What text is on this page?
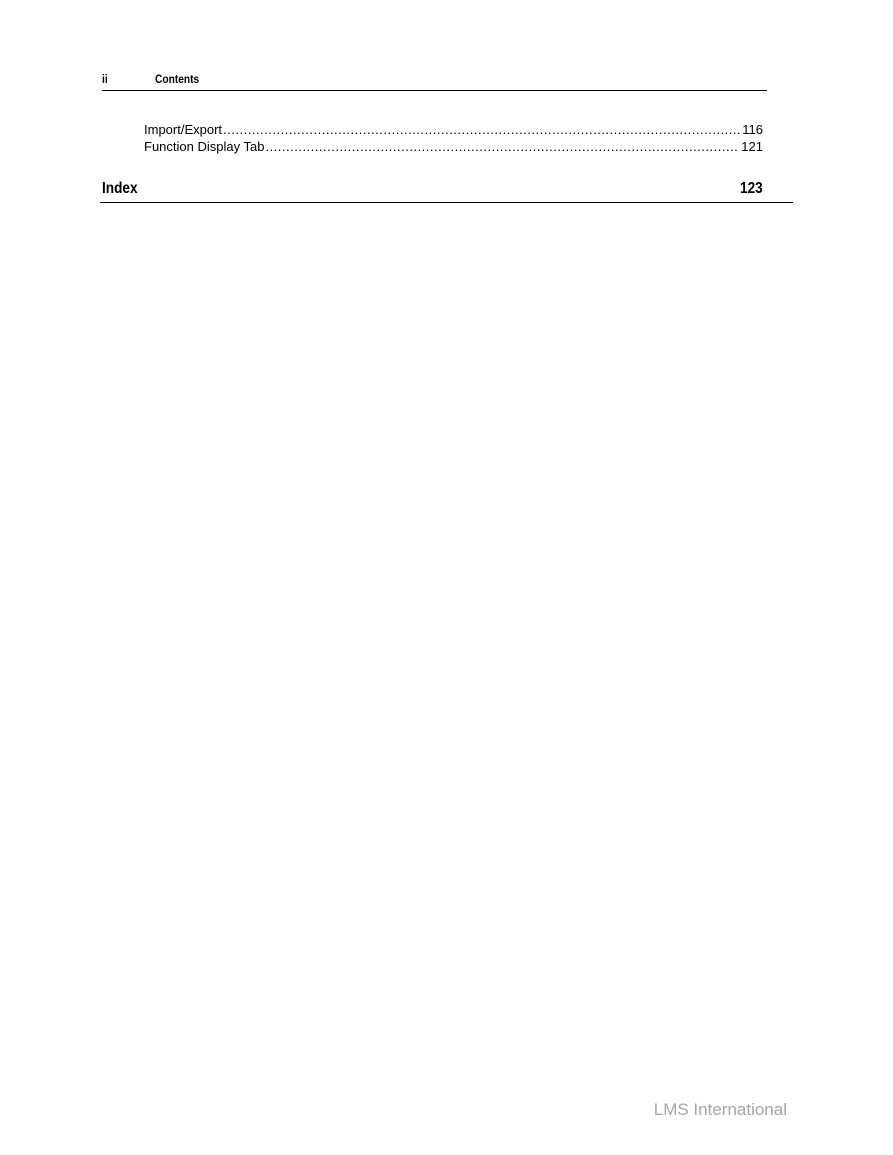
ii	Contents
Import/Export .....	116
Function Display Tab .....	121
Index	123
LMS International
